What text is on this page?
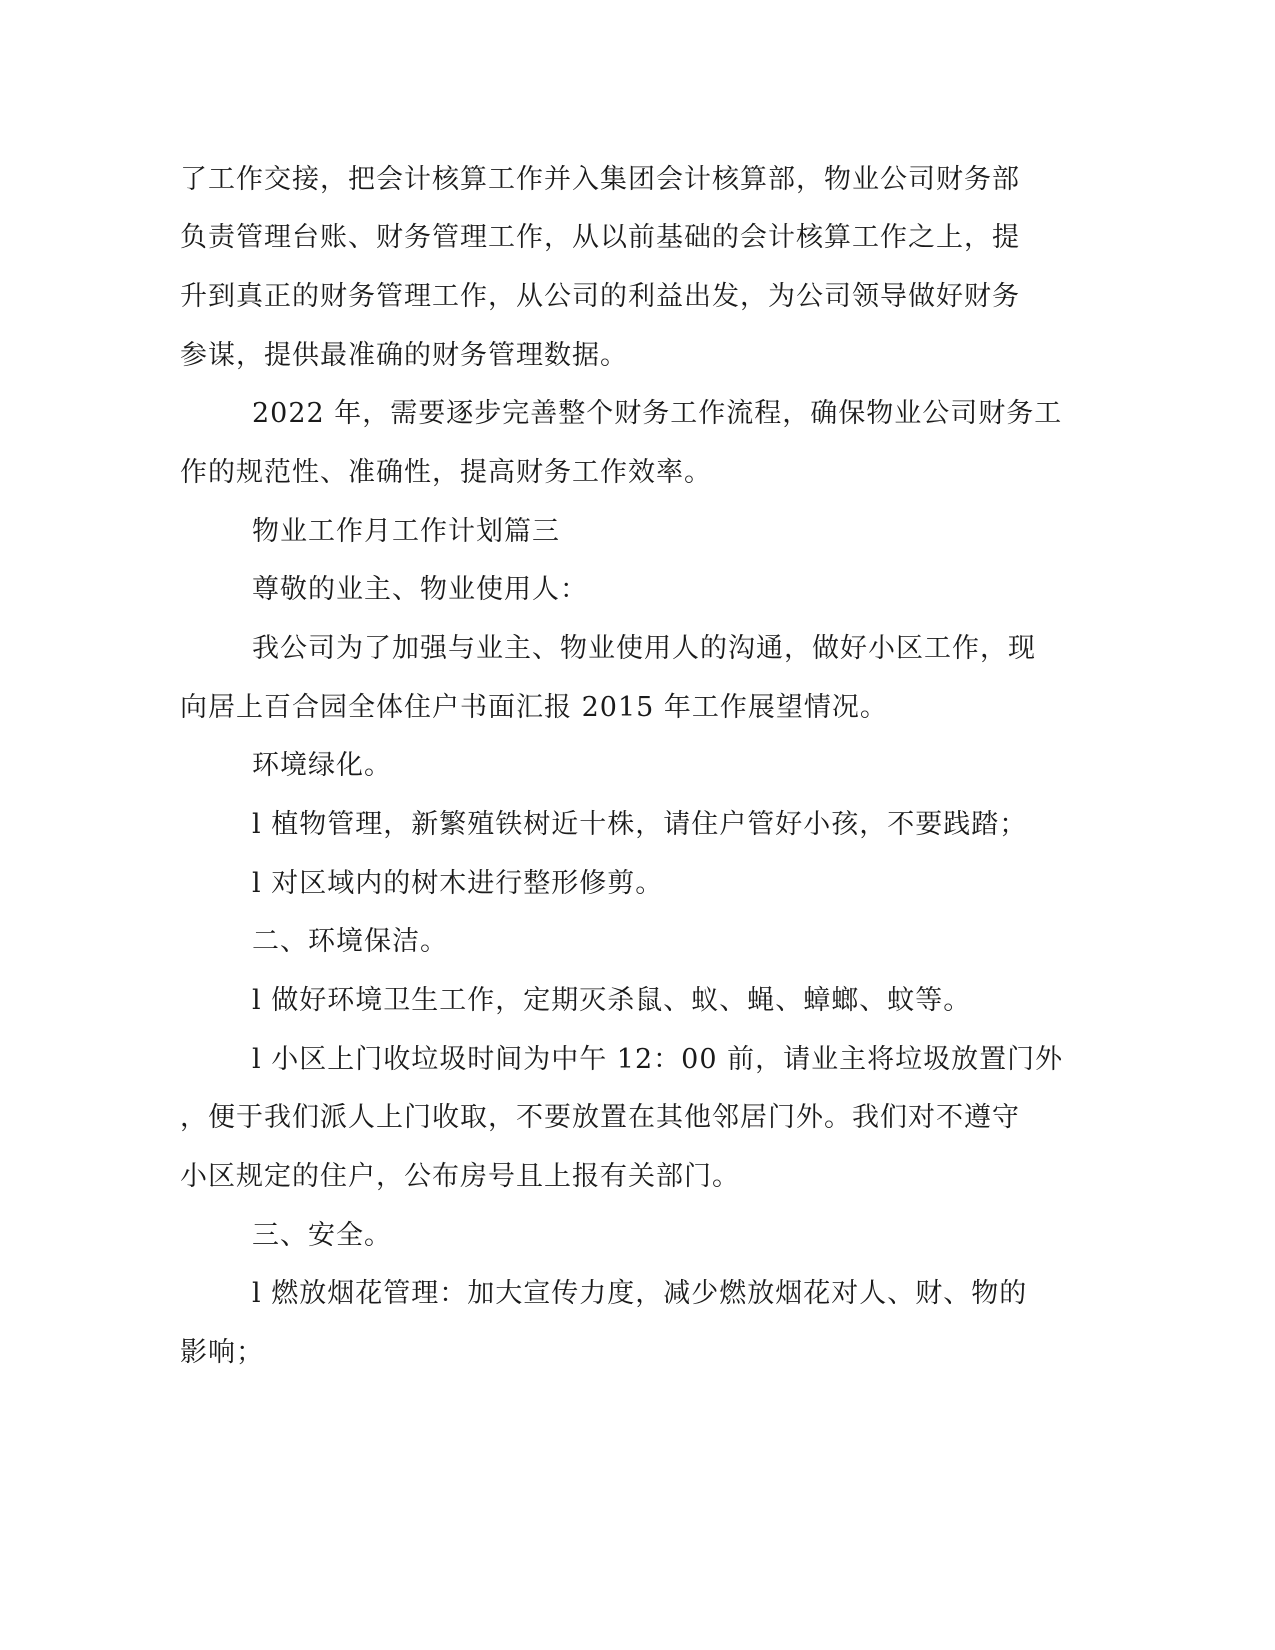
了工作交接，把会计核算工作并入集团会计核算部，物业公司财务部

负责管理台账、财务管理工作，从以前基础的会计核算工作之上，提

升到真正的财务管理工作，从公司的利益出发，为公司领导做好财务

参谋，提供最准确的财务管理数据。

2022 年，需要逐步完善整个财务工作流程，确保物业公司财务工

作的规范性、准确性，提高财务工作效率。

物业工作月工作计划篇三

尊敬的业主、物业使用人：

我公司为了加强与业主、物业使用人的沟通，做好小区工作，现

向居上百合园全体住户书面汇报 2015 年工作展望情况。

环境绿化。

l 植物管理，新繁殖铁树近十株，请住户管好小孩，不要践踏；

l 对区域内的树木进行整形修剪。

二、环境保洁。

l 做好环境卫生工作，定期灭杀鼠、蚁、蝇、蟑螂、蚊等。

l 小区上门收垃圾时间为中午 12：00 前，请业主将垃圾放置门外

，便于我们派人上门收取，不要放置在其他邻居门外。我们对不遵守

小区规定的住户，公布房号且上报有关部门。

三、安全。

l 燃放烟花管理：加大宣传力度，减少燃放烟花对人、财、物的

影响；
